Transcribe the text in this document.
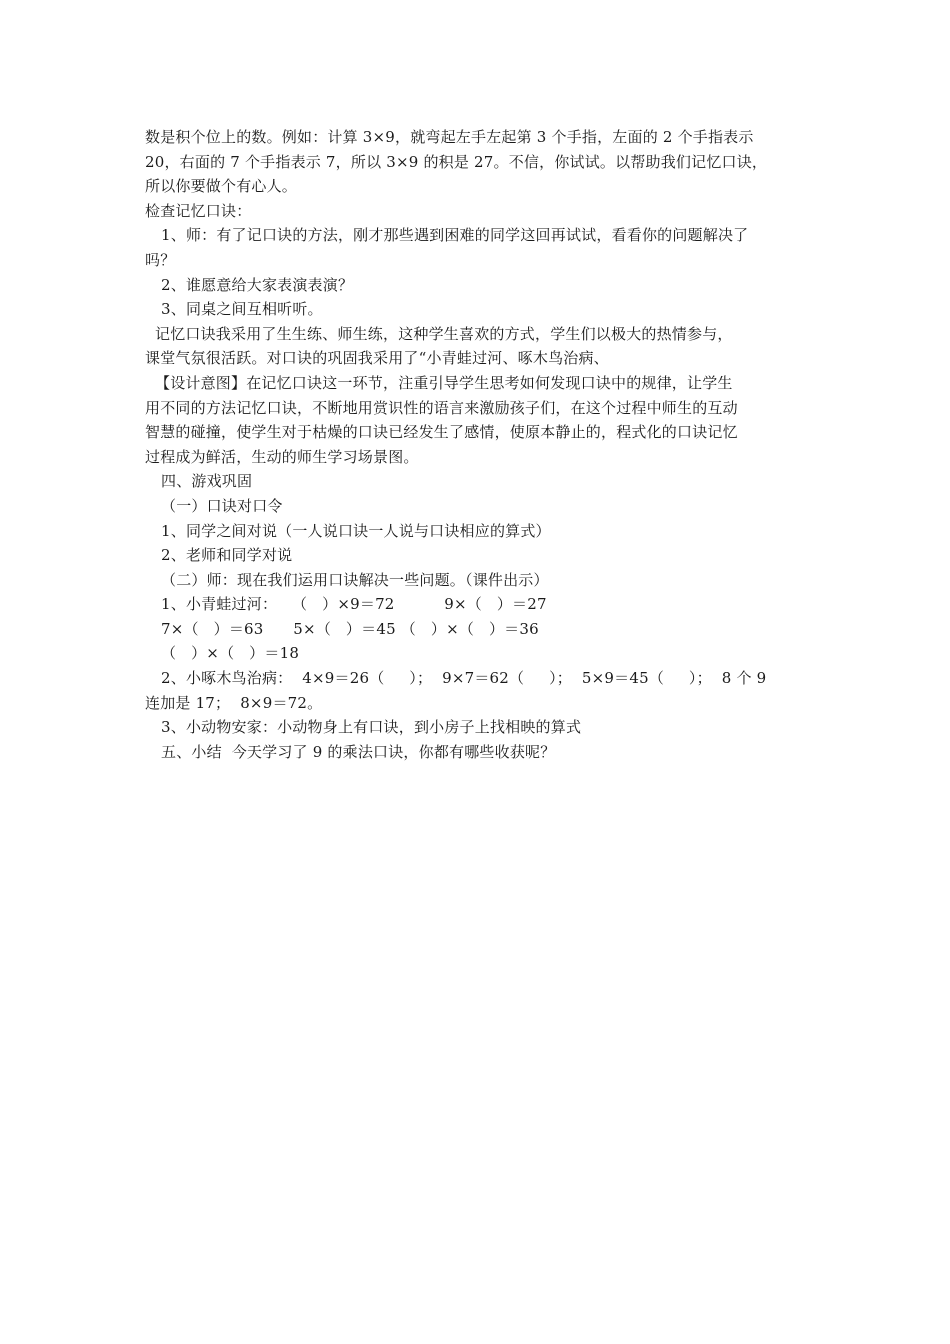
数是积个位上的数。例如：计算 3×9，就弯起左手左起第 3 个手指，左面的 2 个手指表示
20，右面的 7 个手指表示 7，所以 3×9 的积是 27。不信，你试试。以帮助我们记忆口诀，
所以你要做个有心人。
检查记忆口诀：
1、师：有了记口诀的方法，刚才那些遇到困难的同学这回再试试，看看你的问题解决了
吗？
2、谁愿意给大家表演表演？
3、同桌之间互相听听。
记忆口诀我采用了生生练、师生练，这种学生喜欢的方式，学生们以极大的热情参与，
课堂气氛很活跃。对口诀的巩固我采用了“小青蛙过河、啄木鸟治病、
【设计意图】在记忆口诀这一环节，注重引导学生思考如何发现口诀中的规律，让学生
用不同的方法记忆口诀，不断地用赏识性的语言来激励孩子们，在这个过程中师生的互动
智慧的碰撞，使学生对于枯燥的口诀已经发生了感情，使原本静止的，程式化的口诀记忆
过程成为鲜活，生动的师生学习场景图。
四、游戏巩固
（一）口诀对口令
1、同学之间对说（一人说口诀一人说与口诀相应的算式）
2、老师和同学对说
（二）师：现在我们运用口诀解决一些问题。（课件出示）
1、小青蛙过河：   （   ）×9＝72          9×（   ）＝27
7×（   ）＝63      5×（   ）＝45 （   ）×（   ）＝36
（   ）×（   ）＝18
2、小啄木鸟治病：  4×9＝26（     ）；  9×7＝62（     ）；  5×9＝45（     ）；  8 个 9
连加是 17；  8×9＝72。
3、小动物安家：小动物身上有口诀，到小房子上找相映的算式
五、小结  今天学习了 9 的乘法口诀，你都有哪些收获呢？
